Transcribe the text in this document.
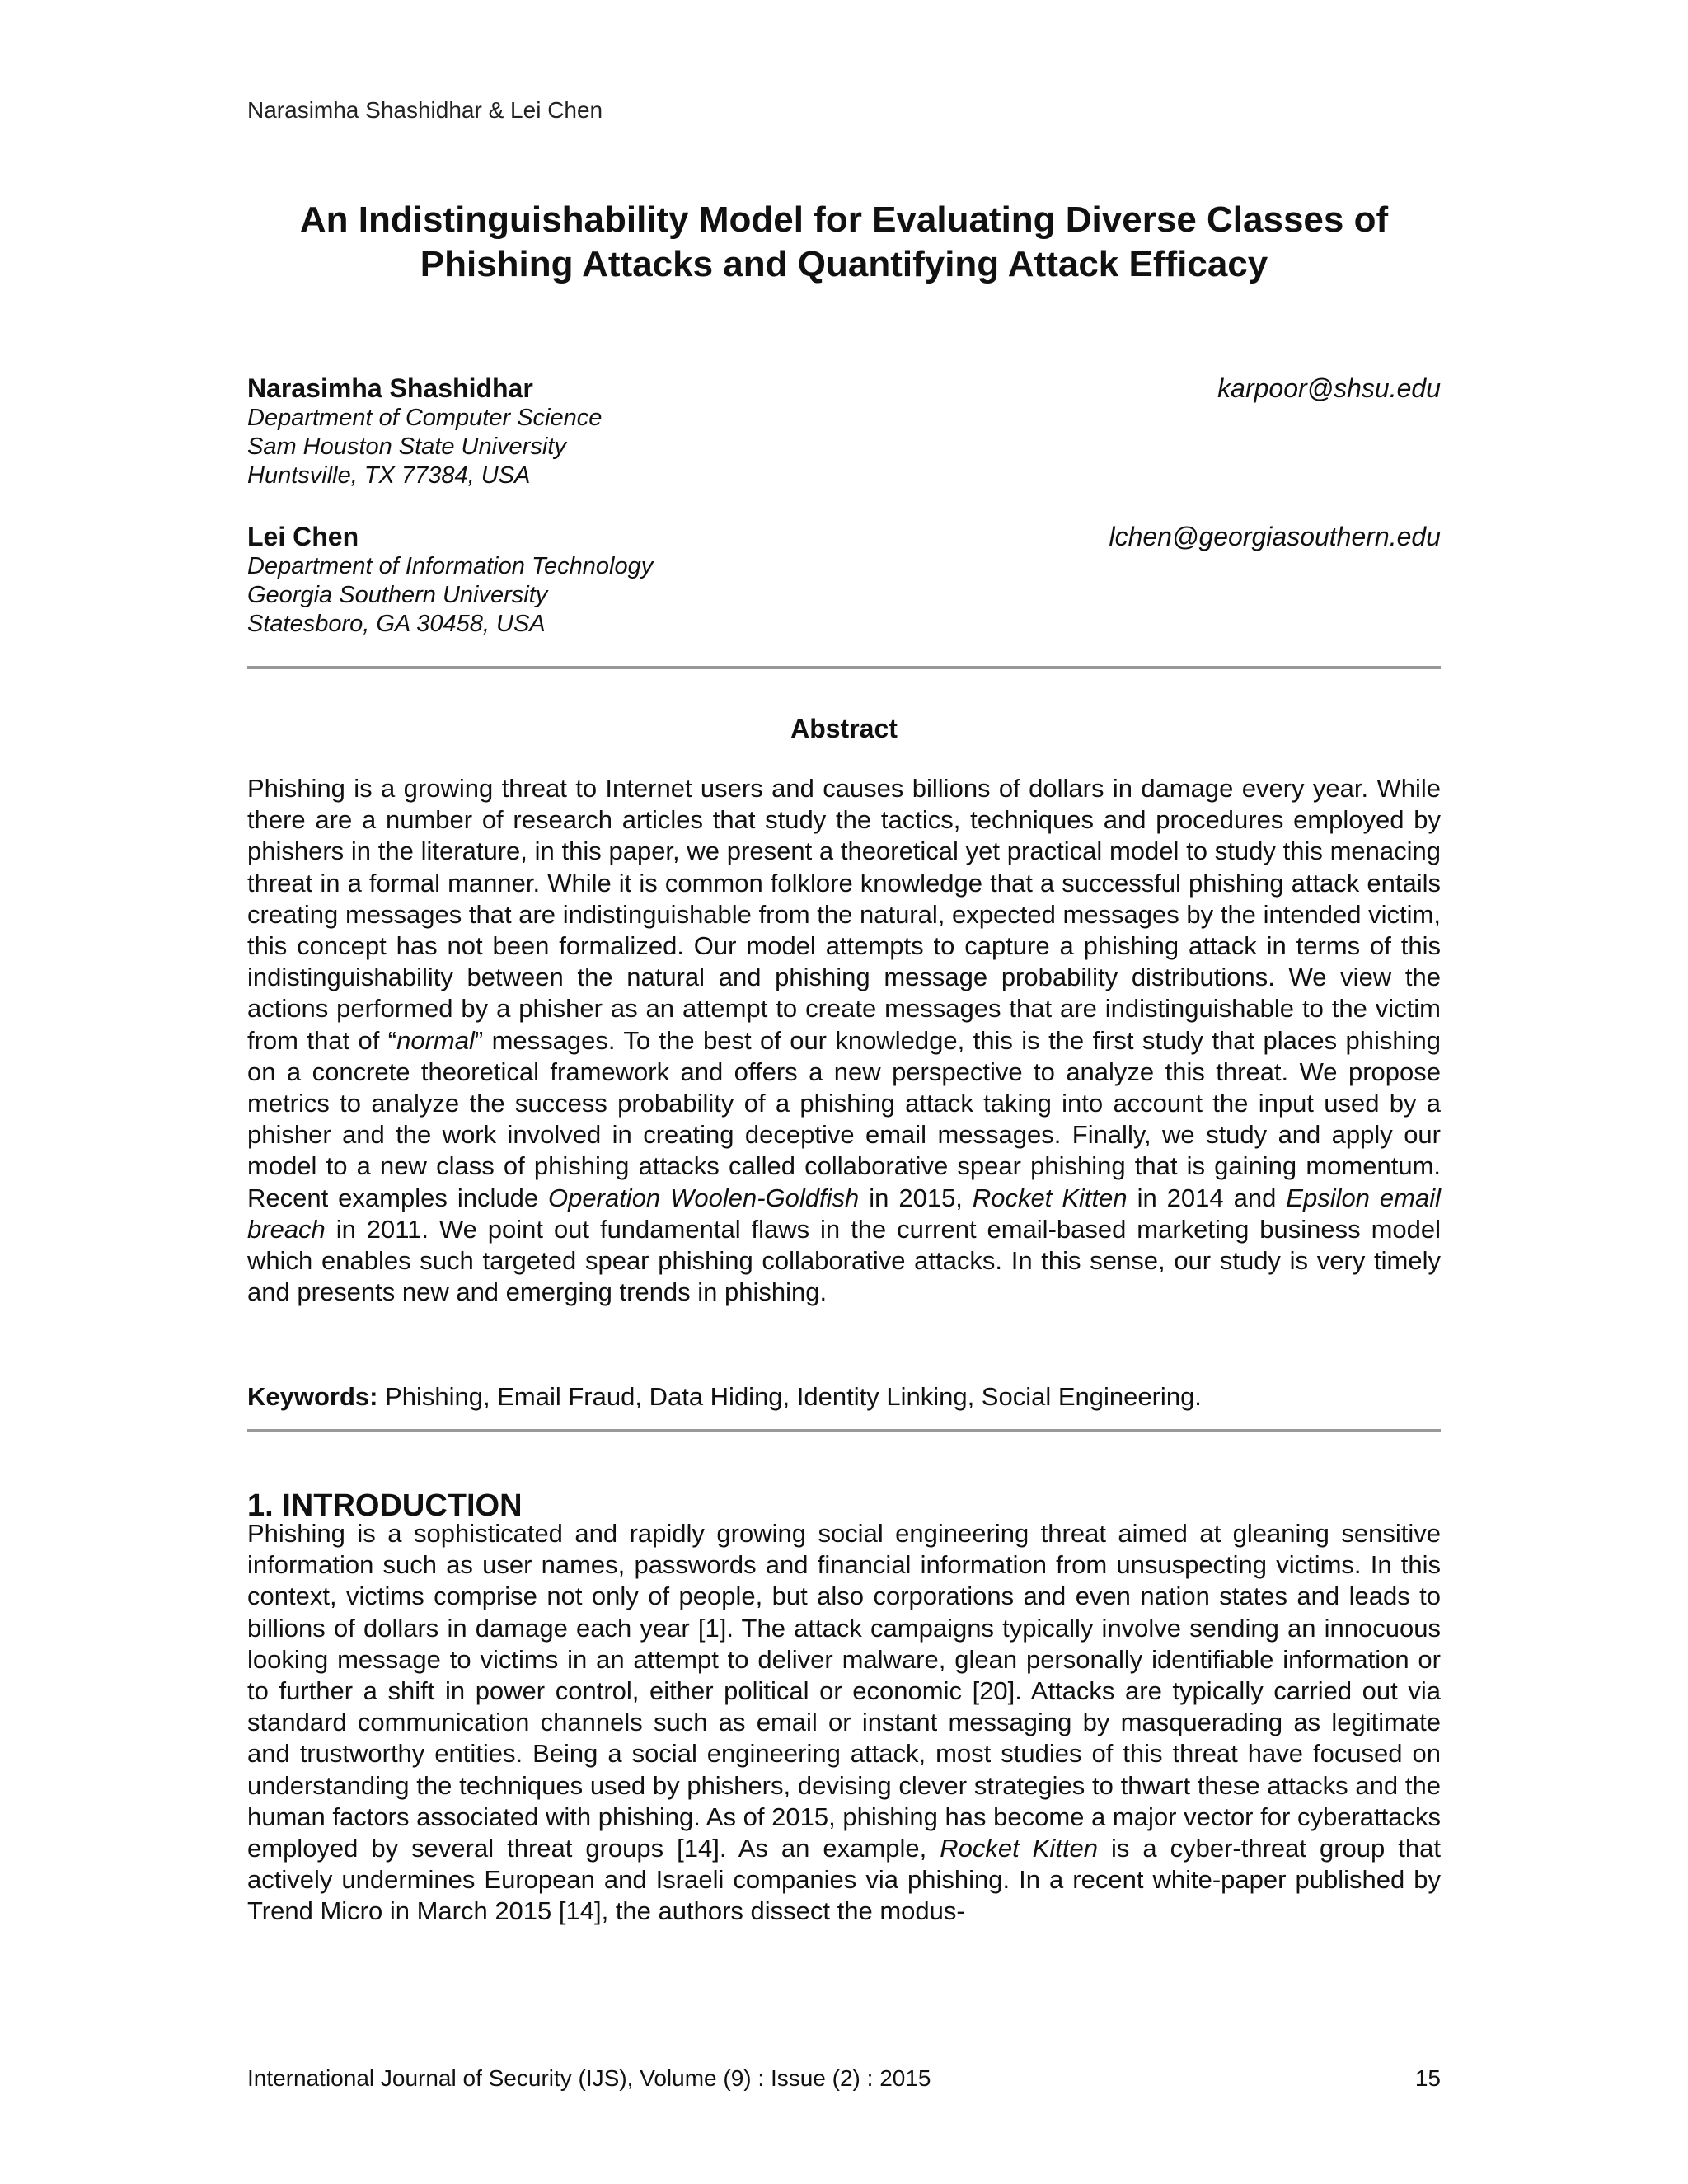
Narasimha Shashidhar & Lei Chen
An Indistinguishability Model for Evaluating Diverse Classes of
Phishing Attacks and Quantifying Attack Efficacy
Narasimha Shashidhar	karpoor@shsu.edu
Department of Computer Science
Sam Houston State University
Huntsville, TX 77384, USA
Lei Chen	lchen@georgiasouthern.edu
Department of Information Technology
Georgia Southern University
Statesboro, GA 30458, USA
Abstract
Phishing is a growing threat to Internet users and causes billions of dollars in damage every year. While there are a number of research articles that study the tactics, techniques and procedures employed by phishers in the literature, in this paper, we present a theoretical yet practical model to study this menacing threat in a formal manner. While it is common folklore knowledge that a successful phishing attack entails creating messages that are indistinguishable from the natural, expected messages by the intended victim, this concept has not been formalized. Our model attempts to capture a phishing attack in terms of this indistinguishability between the natural and phishing message probability distributions. We view the actions performed by a phisher as an attempt to create messages that are indistinguishable to the victim from that of “normal” messages. To the best of our knowledge, this is the first study that places phishing on a concrete theoretical framework and offers a new perspective to analyze this threat. We propose metrics to analyze the success probability of a phishing attack taking into account the input used by a phisher and the work involved in creating deceptive email messages. Finally, we study and apply our model to a new class of phishing attacks called collaborative spear phishing that is gaining momentum. Recent examples include Operation Woolen-Goldfish in 2015, Rocket Kitten in 2014 and Epsilon email breach in 2011. We point out fundamental flaws in the current email-based marketing business model which enables such targeted spear phishing collaborative attacks. In this sense, our study is very timely and presents new and emerging trends in phishing.
Keywords: Phishing, Email Fraud, Data Hiding, Identity Linking, Social Engineering.
1. INTRODUCTION
Phishing is a sophisticated and rapidly growing social engineering threat aimed at gleaning sensitive information such as user names, passwords and financial information from unsuspecting victims. In this context, victims comprise not only of people, but also corporations and even nation states and leads to billions of dollars in damage each year [1]. The attack campaigns typically involve sending an innocuous looking message to victims in an attempt to deliver malware, glean personally identifiable information or to further a shift in power control, either political or economic [20]. Attacks are typically carried out via standard communication channels such as email or instant messaging by masquerading as legitimate and trustworthy entities. Being a social engineering attack, most studies of this threat have focused on understanding the techniques used by phishers, devising clever strategies to thwart these attacks and the human factors associated with phishing. As of 2015, phishing has become a major vector for cyberattacks employed by several threat groups [14]. As an example, Rocket Kitten is a cyber-threat group that actively undermines European and Israeli companies via phishing. In a recent white-paper published by Trend Micro in March 2015 [14], the authors dissect the modus-
International Journal of Security (IJS), Volume (9) : Issue (2) : 2015	15
